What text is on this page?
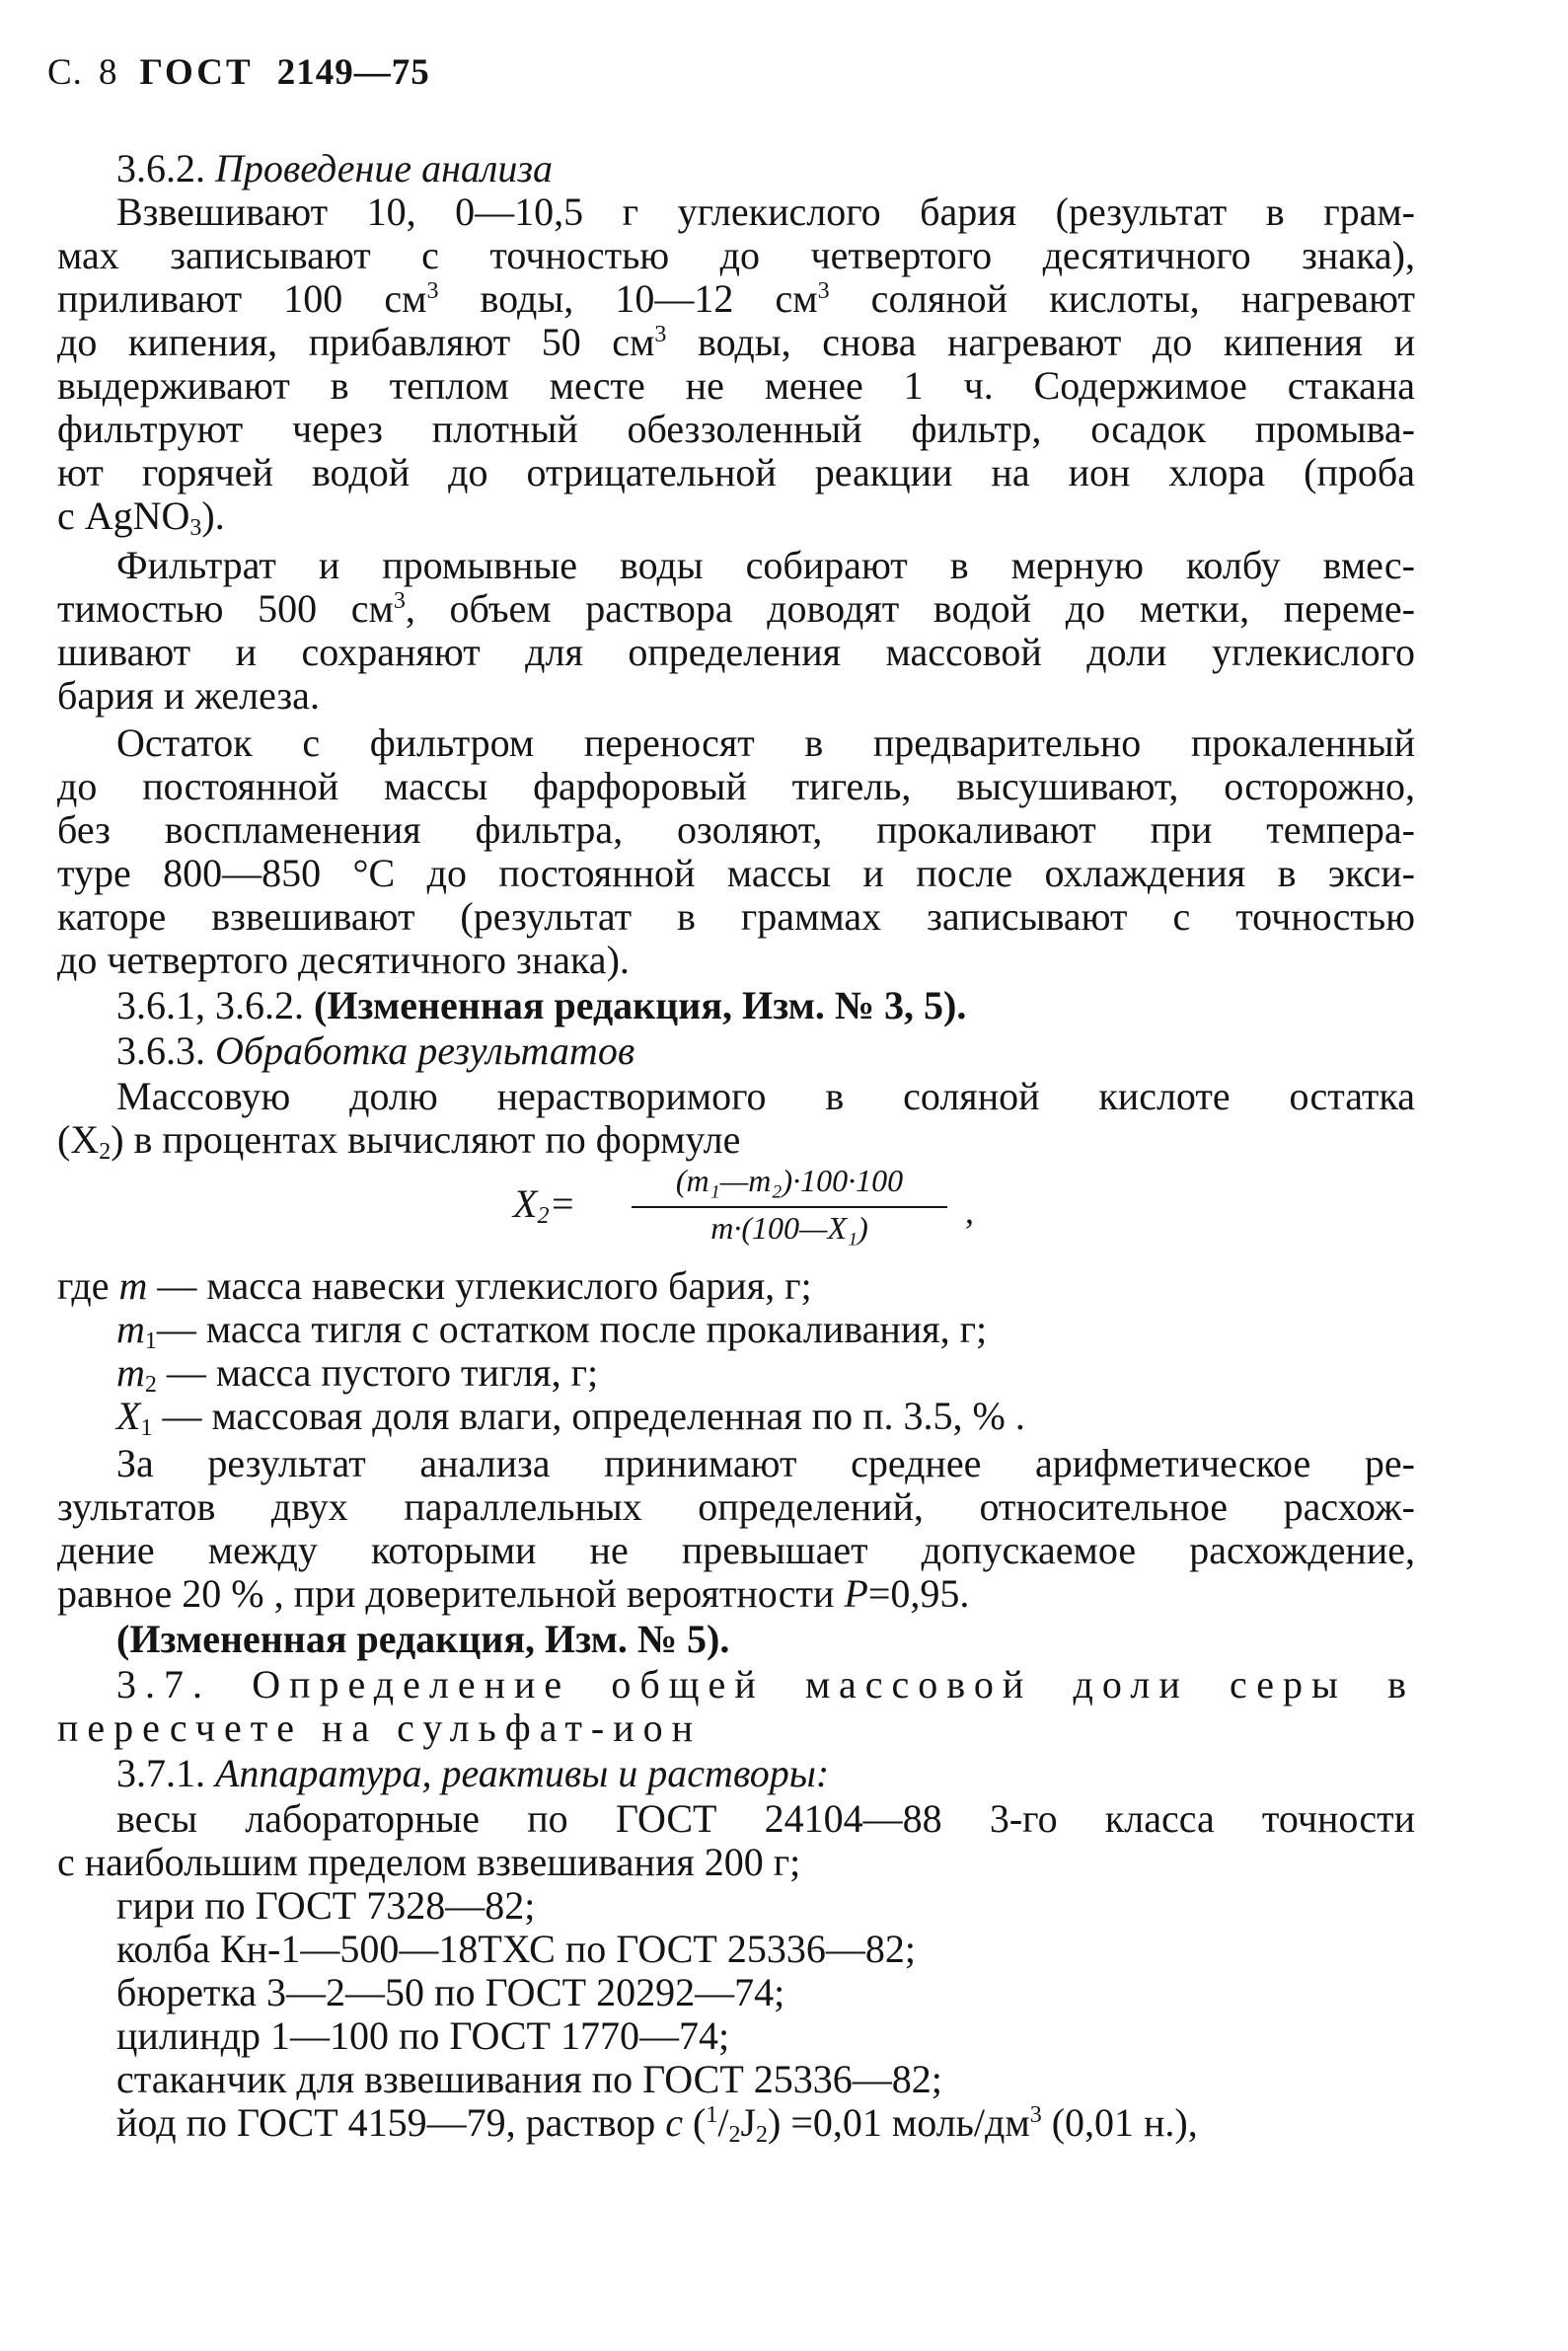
С. 8 ГОСТ 2149—75
3.6.2. Проведение анализа
Взвешивают 10, 0—10,5 г углекислого бария (результат в грам-
мах записывают с точностью до четвертого десятичного знака),
приливают 100 $см^3$ воды, 10—12 $см^3$ соляной кислоты, нагревают
до кипения, прибавляют 50 $см^3$ воды, снова нагревают до кипения и
выдерживают в теплом месте не менее 1 ч. Содержимое стакана
фильтруют через плотный обеззоленный фильтр, осадок промыва-
ют горячей водой до отрицательной реакции на ион хлора (проба
с AgNO$_3$).
Фильтрат и промывные воды собирают в мерную колбу вмес-
тимостью 500 $см^3$, объем раствора доводят водой до метки, переме-
шивают и сохраняют для определения массовой доли углекислого
бария и железа.
Остаток с фильтром переносят в предварительно прокаленный
до постоянной массы фарфоровый тигель, высушивают, осторожно,
без воспламенения фильтра, озоляют, прокаливают при темпера-
туре 800—850 °С до постоянной массы и после охлаждения в экси-
каторе взвешивают (результат в граммах записывают с точностью
до четвертого десятичного знака).
3.6.1, 3.6.2. (Измененная редакция, Изм. № 3, 5).
3.6.3. Обработка результатов
Массовую долю нерастворимого в соляной кислоте остатка
$(X_2)$ в процентах вычисляют по формуле
$X_2=$
(m₁—m₂)·100·100
m·(100—X₁)	,
где m — масса навески углекислого бария, г;
$m_1—$ масса тигля с остатком после прокаливания, г;
$m_2$ — масса пустого тигля, г;
$X_1$ — массовая доля влаги, определенная по п. 3.5, % .
За результат анализа принимают среднее арифметическое ре-
зультатов двух параллельных определений, относительное расхож-
дение между которыми не превышает допускаемое расхождение,
равное 20 % , при доверительной вероятности P=0,95.
(Измененная редакция, Изм. № 5).
3.7. Определение общей массовой доли серы в
пересчете на сульфат-ион
3.7.1. Аппаратура, реактивы и растворы:
весы лабораторные по ГОСТ 24104—88 3-го класса точности
с наибольшим пределом взвешивания 200 г;
гири по ГОСТ 7328—82;
колба Кн-1—500—18ТХС по ГОСТ 25336—82;
бюретка 3—2—50 по ГОСТ 20292—74;
цилиндр 1—100 по ГОСТ 1770—74;
стаканчик для взвешивания по ГОСТ 25336—82;
йод по ГОСТ 4159—79, раствор c $(^1/_2J_2) =0,01$ моль/$дм^3$ (0,01 н.),
